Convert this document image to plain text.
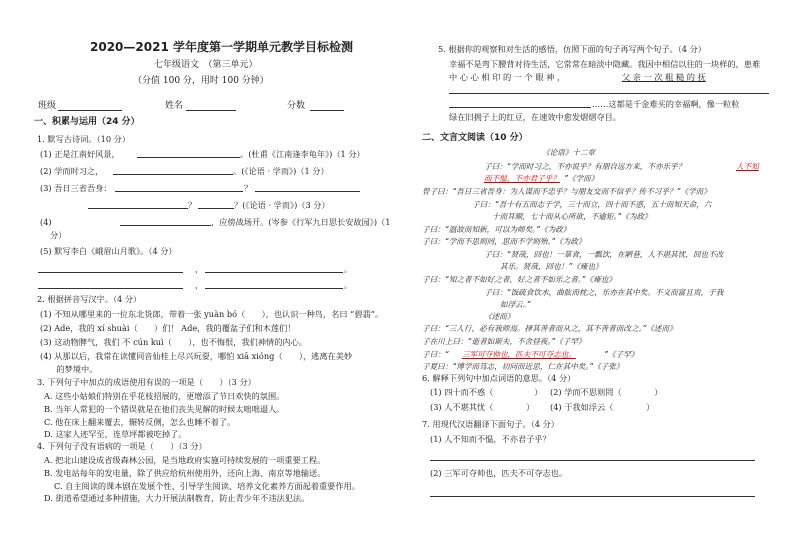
2020—2021 学年度第一学期单元教学目标检测
七年级语文　（第三单元）
（分值 100 分，用时 100 分钟）
班级	姓名	分数
一、积累与运用（24 分）
1. 默写古诗词。（10 分）
(1) 正是江南好风景，	。(杜甫《江南逢李龟年》)（1 分）
(2) 学而时习之，	。(《论语 · 学而》)（1 分）
(3) 吾日三省吾身：	？
？	？(《论语 · 学而》)（3 分）
(4)	，应傍战场开。(岑参《行军九日思长安故园》)（1
分）
(5) 默写李白《峨眉山月歌》。（4 分）
，	。
，	。
2. 根据拼音写汉字。（4 分）
(1) 不知从哪里来的一位东北货郎，带着一张 yuàn bó（　　），也认识一种鸟，名曰 “碧翡”。
(2) Ade，我的 xí shuài（　　）们！ Ade，我的覆盆子们和木莲们！
(3) 这动物脾气，我们 不 cún kuì（　　），也不悔恨，我们神情的内心。
(4) 从那以后，我常在读懂同音仙桂上尽兴玩耍，哪怕 xiā xióng（　　），逃离在美妙
　　的梦境中。
3. 下列句子中加点的成语使用有误的一项是（　　）（3 分）
A. 这些小姑娘们特别在乎花枝招展的，更增添了节日欢快的氛围。
B. 当年人常犯的一个错误就是在他们丧失见解的时候太咄咄逼人。
C. 他在床上翻来覆去，辗转反侧，怎么也睡不着了。
D. 这家人迹罕至，连草坪都被吃掉了。
4. 下列句子没有语病的一项是（　　）（3 分）
A. 把北山建设成省级森林公园，是当地政府实施可持续发展的一项重要工程。
B. 发电站每年的发电量，除了供应给杭州使用外，还向上海、南京等地输送。
C. 自主阅读的课本剧在发展个性、引导学生阅读、培养文化素养方面起着重要作用。
D. 街道希望通过多种措施，大力开展法制教育，防止青少年不违法犯法。
5. 根据你的观察和对生活的感悟，仿照下面的句子再写两个句子。（4 分）
幸福不是弯下腰背对待生活，它常常在暗淡中隐藏。我因中相信以往的一块样的，患难
中 心 心 相 印 的 一 个 眼 神 ，	父 亲 一 次 粗 糙 的 抚
……这都是千金难买的幸福啊，像一粒粒
绿在旧拥子上的红豆，在速效中愈发熠熠夺目。
二、文言文阅读（10 分）
《论语》十二章
子曰：“学而时习之，不亦说乎？有朋自远方来，不亦乐乎？	人不知
而不愠，不亦君子乎？ ”《学而》
曾子曰：“吾日三省吾身：为人谋而不忠乎？与朋友交而不信乎？传不习乎？”《学而》
子曰：“吾十有五而志于学，三十而立，四十而不惑，五十而知天命，六
十而耳顺，七十而从心所欲，不逾矩。”《为政》
子曰：“温故而知新，可以为师矣。”《为政》
子曰：“学而不思则罔，思而不学则殆。”《为政》
子曰：“贤哉，回也！一箪食，一瓢饮，在陋巷，人不堪其忧，回也不改
其乐。贤哉，回也！”《雍也》
子曰：“知之者不如好之者，好之者不如乐之者。”《雍也》
子曰：“饭疏食饮水，曲肱而枕之，乐亦在其中矣。不义而富且贵，于我
如浮云。”
《述而》
子曰：“三人行，必有我师焉。择其善者而从之，其不善者而改之。”《述而》
子在川上曰：“逝者如斯夫，不舍昼夜。”《子罕》
子曰：“ 三军可夺帅也，匹夫不可夺志也。	”《子罕》
子夏曰：“博学而笃志，切问而近思，仁在其中矣。”《子张》
6. 解释下列句中加点词语的意思。（4 分）
(1) 四十而不惑（　　　　　） (2) 学而不思则罔（　　　　）
(3) 人不堪其忧（　　　　） (4) 于我如浮云（　　　　）
7. 用现代汉语翻译下面句子。（4 分）
(1) 人不知而不愠，不亦君子乎？
(2) 三军可夺帅也，匹夫不可夺志也。
